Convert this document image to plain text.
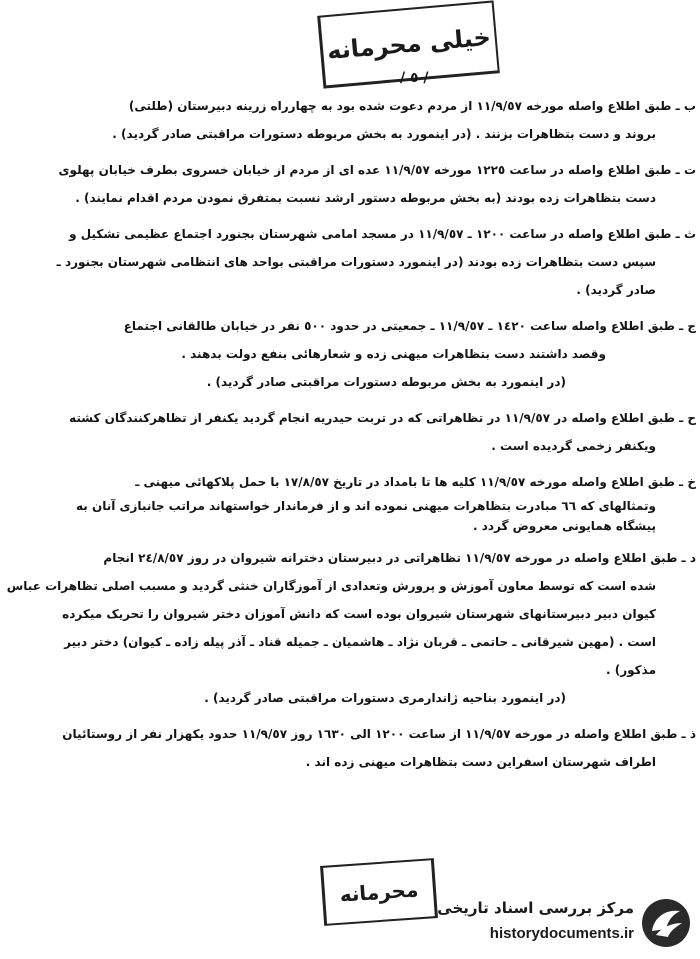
خیلی محرمانه
/ ٥ /
ب ـ طبق اطلاع واصله مورخه ١١/٩/٥٧ از مردم دعوت شده بود به چهارراه زرینه دبیرستان (طلتی)
بروند و دست بتظاهرات بزنند . (در اینمورد به بخش مربوطه دستورات مراقبتی صادر گردید) .
ت ـ طبق اطلاع واصله در ساعت ١٢٢٥ مورخه ١١/٩/٥٧ عده ای از مردم از خیابان خسروی بطرف خیابان پهلوی
دست بتظاهرات زده بودند (به بخش مربوطه دستور ارشد نسبت بمتفرق نمودن مردم اقدام نمایند) .
ث ـ طبق اطلاع واصله در ساعت ١٢٠٠ ـ ١١/٩/٥٧ در مسجد امامی شهرستان بجنورد اجتماع عظیمی تشکیل و
سپس دست بتظاهرات زده بودند (در اینمورد دستورات مراقبتی بواحد های انتظامی شهرستان بجنورد ـ
صادر گردید) .
ج ـ طبق اطلاع واصله ساعت ١٤٢٠ ـ ١١/٩/٥٧ ـ جمعیتی در حدود ٥٠٠ نفر در خیابان طالقانی اجتماع
وقصد داشتند دست بتظاهرات میهنی زده و شعارهائی بنفع دولت بدهند .
(در اینمورد به بخش مربوطه دستورات مراقبتی صادر گردید) .
ح ـ طبق اطلاع واصله در ١١/٩/٥٧ در تظاهراتی که در تربت حیدریه انجام گردید یکنفر از تظاهرکنندگان کشته
ویکنفر زخمی گردیده است .
خ ـ طبق اطلاع واصله مورخه ١١/٩/٥٧ کلیه ها تا بامداد در تاریخ ١٧/٨/٥٧ با حمل پلاکهائی میهنی ـ
وتمثالهای که ٦٦ مبادرت بتظاهرات میهنی نموده اند و از فرماندار خواستهاند مراتب جانبازی آنان به
پیشگاه همایونی معروض گردد .
د ـ طبق اطلاع واصله در مورخه ١١/٩/٥٧ تظاهراتی در دبیرستان دخترانه شیروان در روز ٢٤/٨/٥٧ انجام
شده است که توسط معاون آموزش و پرورش وتعدادی از آموزگاران خنثی گردید و مسبب اصلی تظاهرات عباس
کیوان دبیر دبیرستانهای شهرستان شیروان بوده است که دانش آموزان دختر شیروان را تحریک میکرده
است . (مهین شیرقانی ـ حاتمی ـ قربان نژاد ـ هاشمیان ـ جمیله قناد ـ آذر پیله زاده ـ کیوان) دختر دبیر
مذکور) .
(در اینمورد بناحیه ژاندارمری دستورات مراقبتی صادر گردید) .
ذ ـ طبق اطلاع واصله در مورخه ١١/٩/٥٧ از ساعت ١٢٠٠ الی ١٦٣٠ روز ١١/٩/٥٧ حدود یکهزار نفر از روستائیان
اطراف شهرستان اسفراین دست بتظاهرات میهنی زده اند .
محرمانه
مرکز بررسی اسناد تاریخی
historydocuments.ir
